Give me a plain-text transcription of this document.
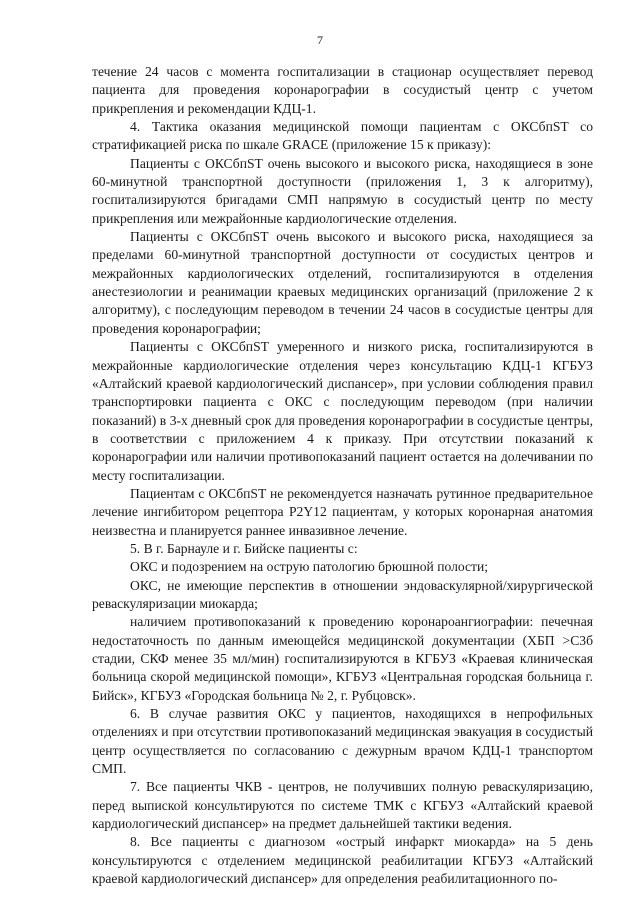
7

течение 24 часов с момента госпитализации в стационар осуществляет перевод пациента для проведения коронарографии в сосудистый центр с учетом прикрепления и рекомендации КДЦ-1.

4. Тактика оказания медицинской помощи пациентам с ОКСбпST со стратификацией риска по шкале GRACE (приложение 15 к приказу):

Пациенты с ОКСбпST очень высокого и высокого риска, находящиеся в зоне 60-минутной транспортной доступности (приложения 1, 3 к алгоритму), госпитализируются бригадами СМП напрямую в сосудистый центр по месту прикрепления или межрайонные кардиологические отделения.

Пациенты с ОКСбпST очень высокого и высокого риска, находящиеся за пределами 60-минутной транспортной доступности от сосудистых центров и межрайонных кардиологических отделений, госпитализируются в отделения анестезиологии и реанимации краевых медицинских организаций (приложение 2 к алгоритму), с последующим переводом в течении 24 часов в сосудистые центры для проведения коронарографии;

Пациенты с ОКСбпST умеренного и низкого риска, госпитализируются в межрайонные кардиологические отделения через консультацию КДЦ-1 КГБУЗ «Алтайский краевой кардиологический диспансер», при условии соблюдения правил транспортировки пациента с ОКС с последующим переводом (при наличии показаний) в 3-х дневный срок для проведения коронарографии в сосудистые центры, в соответствии с приложением 4 к приказу. При отсутствии показаний к коронарографии или наличии противопоказаний пациент остается на долечивании по месту госпитализации.

Пациентам с ОКСбпST не рекомендуется назначать рутинное предварительное лечение ингибитором рецептора P2Y12 пациентам, у которых коронарная анатомия неизвестна и планируется раннее инвазивное лечение.

5. В г. Барнауле и г. Бийске пациенты с:

ОКС и подозрением на острую патологию брюшной полости;

ОКС, не имеющие перспектив в отношении эндоваскулярной/хирургической реваскуляризации миокарда;

наличием противопоказаний к проведению коронароангиографии: печечная недостаточность по данным имеющейся медицинской документации (ХБП >С3б стадии, СКФ менее 35 мл/мин) госпитализируются в КГБУЗ «Краевая клиническая больница скорой медицинской помощи», КГБУЗ «Центральная городская больница г. Бийск», КГБУЗ «Городская больница № 2, г. Рубцовск».

6. В случае развития ОКС у пациентов, находящихся в непрофильных отделениях и при отсутствии противопоказаний медицинская эвакуация в сосудистый центр осуществляется по согласованию с дежурным врачом КДЦ-1 транспортом СМП.

7. Все пациенты ЧКВ - центров, не получивших полную реваскуляризацию, перед выпиской консультируются по системе ТМК с КГБУЗ «Алтайский краевой кардиологический диспансер» на предмет дальнейшей тактики ведения.

8. Все пациенты с диагнозом «острый инфаркт миокарда» на 5 день консультируются с отделением медицинской реабилитации КГБУЗ «Алтайский краевой кардиологический диспансер» для определения реабилитационного по-
